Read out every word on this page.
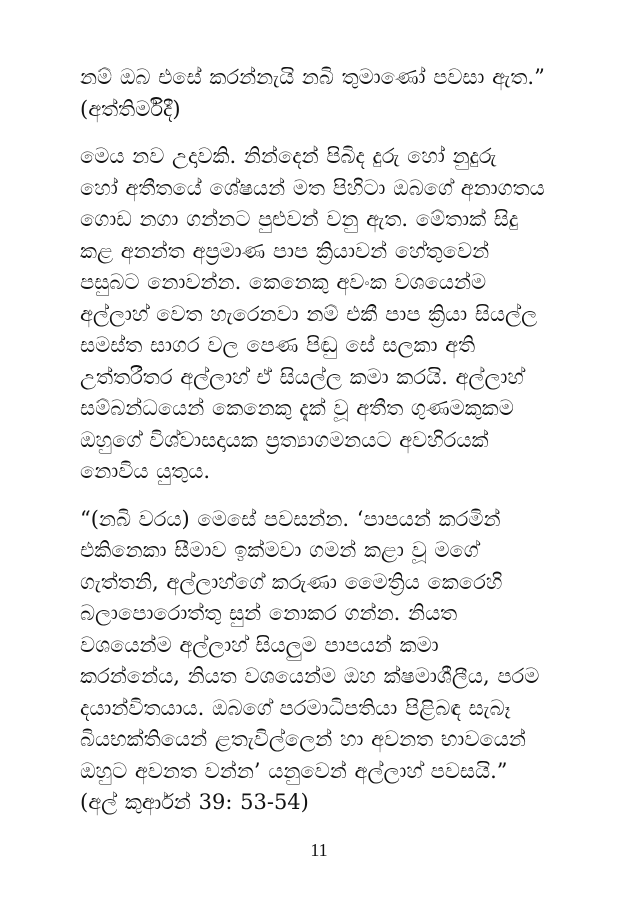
නම් ඔබ එසේ කරන්නැයි නබි තුමාණෝ පවසා ඇත.”
(අත්තිර්මිදී)

මෙය නව උදාවකි. නින්දෙන් පිබිද දුරු හෝ නුදුරු
හෝ අතීතයේ ශේෂයන් මත පිහිටා ඔබගේ අනාගතය
ගොඩ නගා ගන්නට පුළුවන් වනු ඇත. මේතාක් සිදු
කළ අනන්ත අප්‍රමාණ පාප ක්‍රියාවන් හේතුවෙන්
පසුබට නොවන්න. කෙනෙකු අවංක වශයෙන්ම
අල්ලාහ් වෙත හැරෙනවා නම් එකී පාප ක්‍රියා සියල්ල
සමස්ත සාගර වල පෙණ පිඬු සේ සලකා අති
උත්තරීතර අල්ලාහ් ඒ සියල්ල කමා කරයි. අල්ලාහ්
සම්බන්ධයෙන් කෙනෙකු දැක් වූ අතීත ගුණමකුකම
ඔහුගේ විශ්වාසදායක ප්‍රත්‍යාගමනයට අවහිරයක්
නොවිය යුතුය.

“(නබි වරය) මෙසේ පවසන්න. ‘පාපයන් කරමින්
එකිනෙකා සීමාව ඉක්මවා ගමන් කළා වූ මගේ
ගැත්තනි, අල්ලාහ්ගේ කරුණා මෛත්‍රිය කෙරෙහි
බලාපොරොත්තු සුන් නොකර ගන්න. නියත
වශයෙන්ම අල්ලාහ් සියලුම පාපයන් කමා
කරන්නේය, නියත වශයෙන්ම ඔහ ක්ෂමාශීලීය, පරම
දයාන්විතයාය. ඔබගේ පරමාධිපතියා පිළිබඳ සැබෑ
බියභක්තියෙන් ළතැවිල්ලෙන් හා අවනත භාවයෙන්
ඔහුට අවනත වන්න’ යනුවෙන් අල්ලාහ් පවසයි.”
(අල් කුර්ආන් 39: 53-54)

11
